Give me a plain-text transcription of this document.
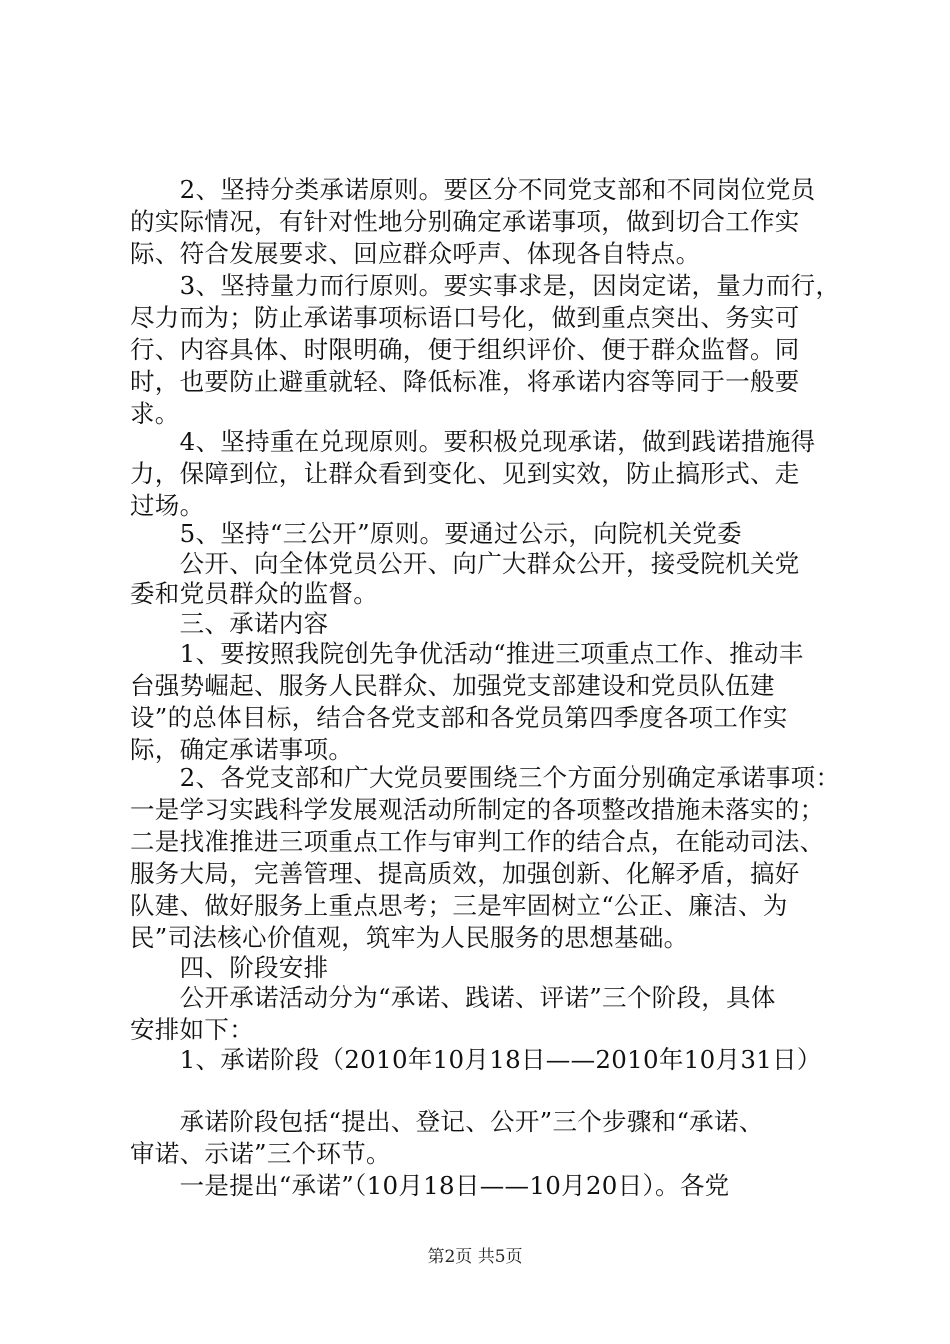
　　2、坚持分类承诺原则。要区分不同党支部和不同岗位党员
的实际情况，有针对性地分别确定承诺事项，做到切合工作实
际、符合发展要求、回应群众呼声、体现各自特点。
　　3、坚持量力而行原则。要实事求是，因岗定诺，量力而行，
尽力而为；防止承诺事项标语口号化，做到重点突出、务实可
行、内容具体、时限明确，便于组织评价、便于群众监督。同
时，也要防止避重就轻、降低标准，将承诺内容等同于一般要
求。
　　4、坚持重在兑现原则。要积极兑现承诺，做到践诺措施得
力，保障到位，让群众看到变化、见到实效，防止搞形式、走
过场。
　　5、坚持“三公开”原则。要通过公示，向院机关党委
　　公开、向全体党员公开、向广大群众公开，接受院机关党
委和党员群众的监督。
　　三、承诺内容
　　1、要按照我院创先争优活动“推进三项重点工作、推动丰
台强势崛起、服务人民群众、加强党支部建设和党员队伍建
设”的总体目标，结合各党支部和各党员第四季度各项工作实
际，确定承诺事项。
　　2、各党支部和广大党员要围绕三个方面分别确定承诺事项：
一是学习实践科学发展观活动所制定的各项整改措施未落实的；
二是找准推进三项重点工作与审判工作的结合点，在能动司法、
服务大局，完善管理、提高质效，加强创新、化解矛盾，搞好
队建、做好服务上重点思考；三是牢固树立“公正、廉洁、为
民”司法核心价值观，筑牢为人民服务的思想基础。
　　四、阶段安排
　　公开承诺活动分为“承诺、践诺、评诺”三个阶段，具体
安排如下：
　　1、承诺阶段（2010年10月18日——2010年10月31日）
　　承诺阶段包括“提出、登记、公开”三个步骤和“承诺、
审诺、示诺”三个环节。
　　一是提出“承诺”（10月18日——10月20日）。各党
第2页 共5页
